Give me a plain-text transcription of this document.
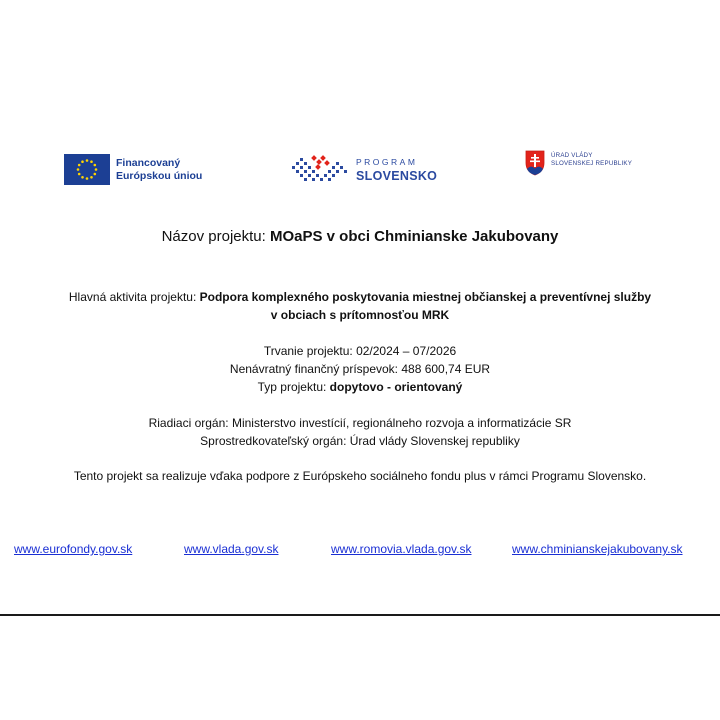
Financovaný
Európskou úniou
PROGRAM
SLOVENSKO
ÚRAD VLÁDY
SLOVENSKEJ REPUBLIKY
Názov projektu: MOaPS v obci Chminianske Jakubovany
Hlavná aktivita projektu: Podpora komplexného poskytovania miestnej občianskej a preventívnej služby
v obciach s prítomnosťou MRK
Trvanie projektu: 02/2024 – 07/2026
Nenávratný finančný príspevok: 488 600,74 EUR
Typ projektu: dopytovo - orientovaný
Riadiaci orgán: Ministerstvo investícií, regionálneho rozvoja a informatizácie SR
Sprostredkovateľský orgán: Úrad vlády Slovenskej republiky
Tento projekt sa realizuje vďaka podpore z Európskeho sociálneho fondu plus v rámci Programu Slovensko.
www.eurofondy.gov.sk	www.vlada.gov.sk	www.romovia.vlada.gov.sk	www.chminianskejakubovany.sk
